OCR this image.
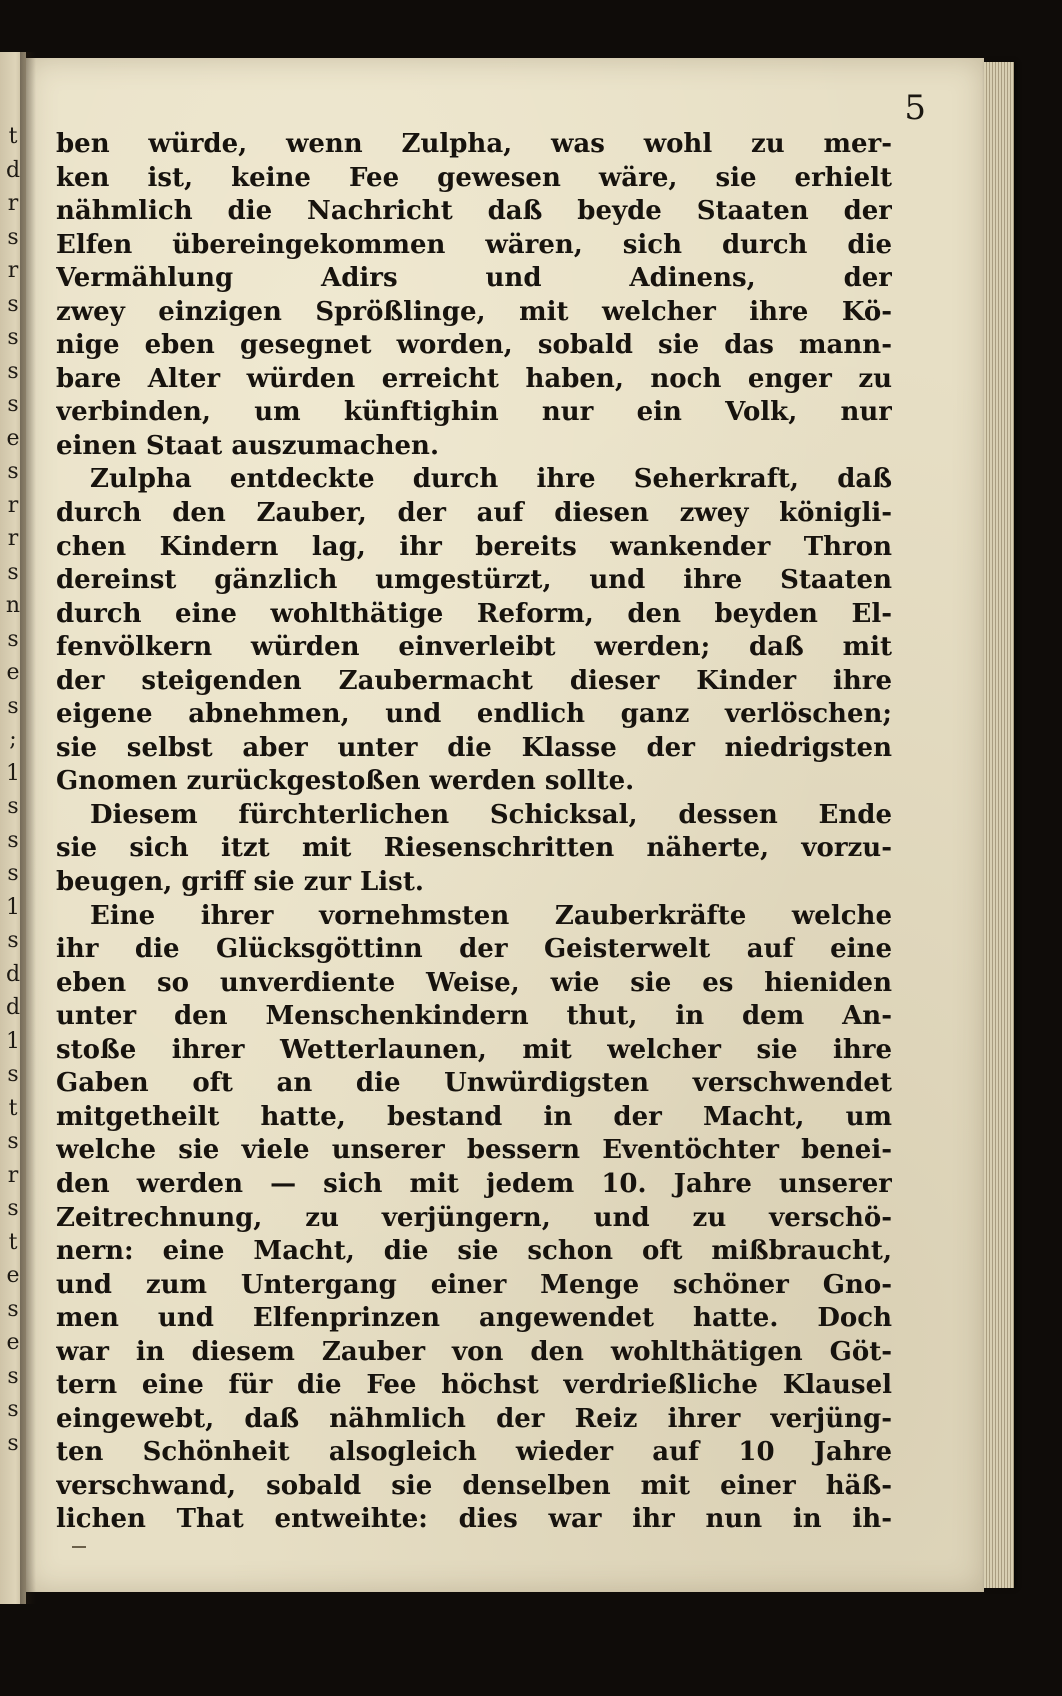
t
d
r
s
r
s
s
s
s
e
s
r
r
s
n
s
e
s
;
1
s
s
s
1
s
d
d
1
s
t
s
r
s
t
e
s
e
s
s
s
5
ben würde, wenn Zulpha, was wohl zu mer-
ken ist, keine Fee gewesen wäre, sie erhielt
nähmlich die Nachricht daß beyde Staaten der
Elfen übereingekommen wären, sich durch die
Vermählung Adirs und Adinens, der
zwey einzigen Sprößlinge, mit welcher ihre Kö-
nige eben gesegnet worden, sobald sie das mann-
bare Alter würden erreicht haben, noch enger zu
verbinden, um künftighin nur ein Volk, nur
einen Staat auszumachen.
Zulpha entdeckte durch ihre Seherkraft, daß
durch den Zauber, der auf diesen zwey königli-
chen Kindern lag, ihr bereits wankender Thron
dereinst gänzlich umgestürzt, und ihre Staaten
durch eine wohlthätige Reform, den beyden El-
fenvölkern würden einverleibt werden; daß mit
der steigenden Zaubermacht dieser Kinder ihre
eigene abnehmen, und endlich ganz verlöschen;
sie selbst aber unter die Klasse der niedrigsten
Gnomen zurückgestoßen werden sollte.
Diesem fürchterlichen Schicksal, dessen Ende
sie sich itzt mit Riesenschritten näherte, vorzu-
beugen, griff sie zur List.
Eine ihrer vornehmsten Zauberkräfte welche
ihr die Glücksgöttinn der Geisterwelt auf eine
eben so unverdiente Weise, wie sie es hieniden
unter den Menschenkindern thut, in dem An-
stoße ihrer Wetterlaunen, mit welcher sie ihre
Gaben oft an die Unwürdigsten verschwendet
mitgetheilt hatte, bestand in der Macht, um
welche sie viele unserer bessern Eventöchter benei-
den werden — sich mit jedem 10. Jahre unserer
Zeitrechnung, zu verjüngern, und zu verschö-
nern: eine Macht, die sie schon oft mißbraucht,
und zum Untergang einer Menge schöner Gno-
men und Elfenprinzen angewendet hatte. Doch
war in diesem Zauber von den wohlthätigen Göt-
tern eine für die Fee höchst verdrießliche Klausel
eingewebt, daß nähmlich der Reiz ihrer verjüng-
ten Schönheit alsogleich wieder auf 10 Jahre
verschwand, sobald sie denselben mit einer häß-
lichen That entweihte: dies war ihr nun in ih-
